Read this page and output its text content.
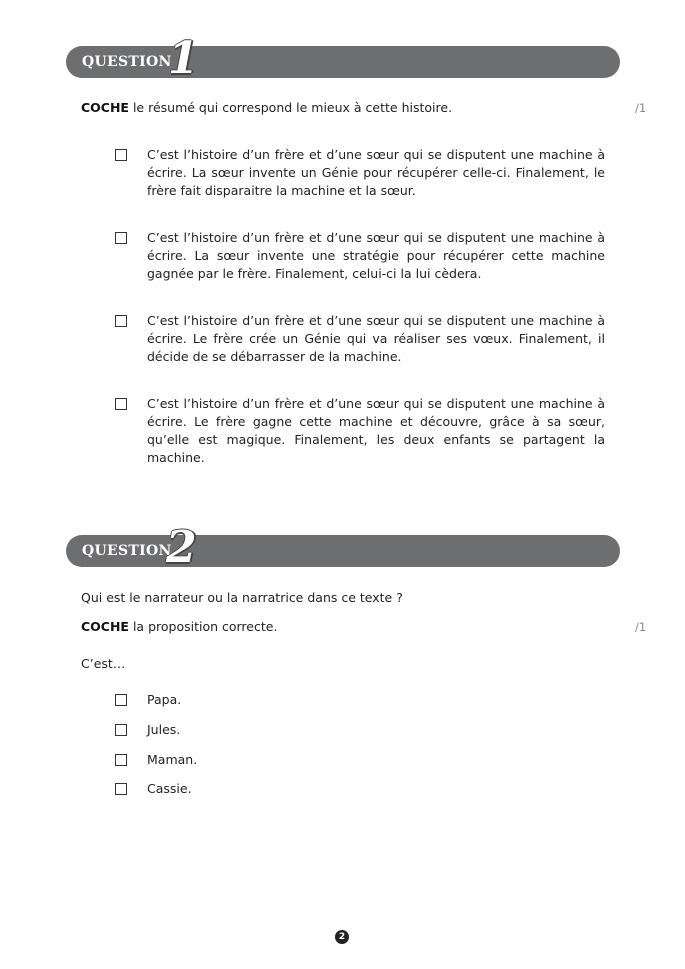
QUESTION
1
COCHE le résumé qui correspond le mieux à cette histoire.	/1
C’est l’histoire d’un frère et d’une sœur qui se disputent une machine à écrire. La sœur invente un Génie pour récupérer celle-ci. Finalement, le frère fait disparaitre la machine et la sœur.
C’est l’histoire d’un frère et d’une sœur qui se disputent une machine à écrire. La sœur invente une stratégie pour récupérer cette machine gagnée par le frère. Finalement, celui-ci la lui cèdera.
C’est l’histoire d’un frère et d’une sœur qui se disputent une machine à écrire. Le frère crée un Génie qui va réaliser ses vœux. Finalement, il décide de se débarrasser de la machine.
C’est l’histoire d’un frère et d’une sœur qui se disputent une machine à écrire. Le frère gagne cette machine et découvre, grâce à sa sœur, qu’elle est magique. Finalement, les deux enfants se partagent la machine.
QUESTION
2
Qui est le narrateur ou la narratrice dans ce texte ?
COCHE la proposition correcte.	/1
C’est…
Papa.
Jules.
Maman.
Cassie.
2
